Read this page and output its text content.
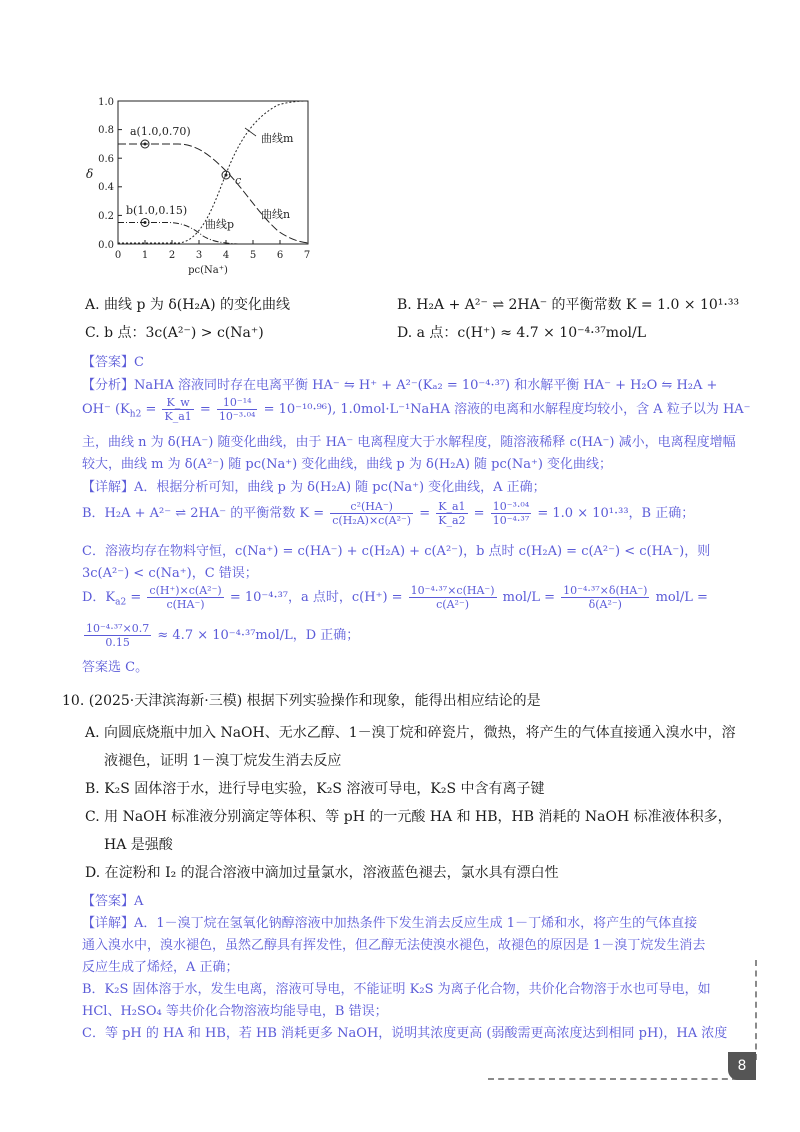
1.0
0.8
0.6
0.4
0.2
0.0
0 1 2 3 4 5 6 7
pc(Na⁺)
δ
a(1.0,0.70)
b(1.0,0.15)
c
曲线m
曲线n
曲线p
A. 曲线 p 为 δ(H₂A) 的变化曲线	B. H₂A + A²⁻ ⇌ 2HA⁻ 的平衡常数 K = 1.0 × 10¹·³³
C. b 点：3c(A²⁻) > c(Na⁺)	D. a 点：c(H⁺) ≈ 4.7 × 10⁻⁴·³⁷mol/L
【答案】C
【分析】NaHA 溶液同时存在电离平衡 HA⁻ ⇋ H⁺ + A²⁻(Kₐ₂ = 10⁻⁴·³⁷) 和水解平衡 HA⁻ + H₂O ⇋ H₂A +
OH⁻ $(K_{h2} = \frac{K\_w}{K\_a1} = \frac{\text{10⁻¹⁴}}{\text{10⁻³·⁰⁴}} = 10^{-10}\cdot^{96})$, 1.0mol·L⁻¹NaHA 溶液的电离和水解程度均较小，含 A 粒子以为 HA⁻
主，曲线 n 为 δ(HA⁻) 随变化曲线，由于 HA⁻ 电离程度大于水解程度，随溶液稀释 c(HA⁻) 减小，电离程度增幅
较大，曲线 m 为 δ(A²⁻) 随 pc(Na⁺) 变化曲线，曲线 p 为 δ(H₂A) 随 pc(Na⁺) 变化曲线；
【详解】A．根据分析可知，曲线 p 为 δ(H₂A) 随 pc(Na⁺) 变化曲线，A 正确；
B．H₂A + A²⁻ ⇌ 2HA⁻ 的平衡常数 $K = \frac{\text{c²(HA⁻)}}{\text{c(H₂A)×c(A²⁻)}} = \frac{K\_a1}{K\_a2} = \frac{\text{10⁻³·⁰⁴}}{\text{10⁻⁴·³⁷}} = 1.0 \times 10^1\cdot^{33}$，B 正确；
C．溶液均存在物料守恒，c(Na⁺) = c(HA⁻) + c(H₂A) + c(A²⁻)，b 点时 c(H₂A) = c(A²⁻) < c(HA⁻)，则
3c(A²⁻) < c(Na⁺)，C 错误；
D．$K_{a2} = \frac{\text{c(H⁺)×c(A²⁻)}}{c(HA^-)} = 10^{-4}\cdot^{37}$，a 点时，$c(H^+) = \frac{\text{10⁻⁴·³⁷×c(HA⁻)}}{\text{c(A²⁻)}} mol/L = \frac{\text{10⁻⁴·³⁷×δ(HA⁻)}}{\text{δ(A²⁻)}} mol/L$ =
$\frac{\text{10⁻⁴·³⁷×0.7}}{0.15} \approx 4.7 \times 10^{-4}\cdot^{37}mol/L$，D 正确；
答案选 C。
10. (2025·天津滨海新·三模) 根据下列实验操作和现象，能得出相应结论的是
A. 向圆底烧瓶中加入 NaOH、无水乙醇、1－溴丁烷和碎瓷片，微热，将产生的气体直接通入溴水中，溶
液褪色，证明 1－溴丁烷发生消去反应
B. K₂S 固体溶于水，进行导电实验，K₂S 溶液可导电，K₂S 中含有离子键
C. 用 NaOH 标准液分别滴定等体积、等 pH 的一元酸 HA 和 HB，HB 消耗的 NaOH 标准液体积多，
HA 是强酸
D. 在淀粉和 I₂ 的混合溶液中滴加过量氯水，溶液蓝色褪去，氯水具有漂白性
【答案】A
【详解】A．1－溴丁烷在氢氧化钠醇溶液中加热条件下发生消去反应生成 1－丁烯和水，将产生的气体直接
通入溴水中，溴水褪色，虽然乙醇具有挥发性，但乙醇无法使溴水褪色，故褪色的原因是 1－溴丁烷发生消去
反应生成了烯烃，A 正确；
B．K₂S 固体溶于水，发生电离，溶液可导电，不能证明 K₂S 为离子化合物，共价化合物溶于水也可导电，如
HCl、H₂SO₄ 等共价化合物溶液均能导电，B 错误；
C．等 pH 的 HA 和 HB，若 HB 消耗更多 NaOH，说明其浓度更高 (弱酸需更高浓度达到相同 pH)，HA 浓度
8
